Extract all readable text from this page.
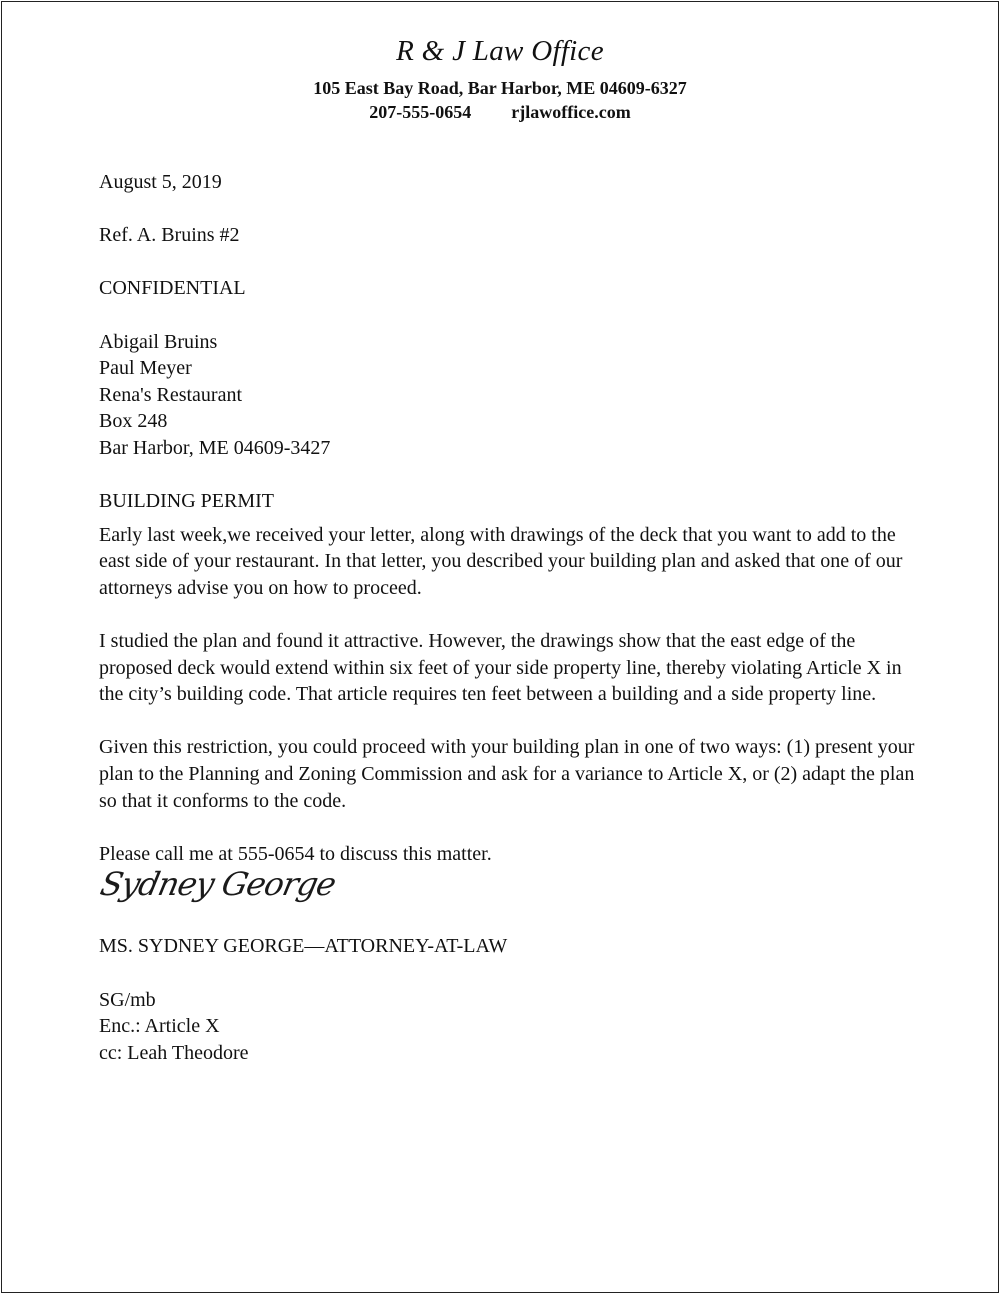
R & J Law Office
105 East Bay Road, Bar Harbor, ME 04609-6327
207-555-0654 rjlawoffice.com

August 5, 2019

Ref. A. Bruins #2

CONFIDENTIAL

Abigail Bruins

Paul Meyer

Rena's Restaurant

Box 248

Bar Harbor, ME 04609-3427

BUILDING PERMIT

Early last week,we received your letter, along with drawings of the deck that you want to add to the east side of your restaurant. In that letter, you described your building plan and asked that one of our attorneys advise you on how to proceed.

I studied the plan and found it attractive. However, the drawings show that the east edge of the proposed deck would extend within six feet of your side property line, thereby violating Article X in the city’s building code. That article requires ten feet between a building and a side property line.

Given this restriction, you could proceed with your building plan in one of two ways: (1) present your plan to the Planning and Zoning Commission and ask for a variance to Article X, or (2) adapt the plan so that it conforms to the code.

Please call me at 555-0654 to discuss this matter.

Sydney George

MS. SYDNEY GEORGE—ATTORNEY-AT-LAW

SG/mb

Enc.: Article X

cc: Leah Theodore
